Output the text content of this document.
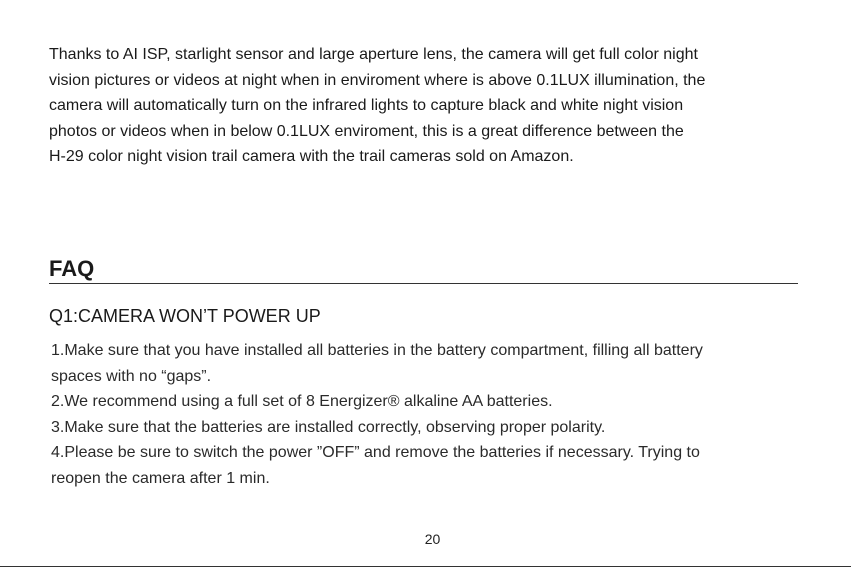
Thanks to AI ISP, starlight sensor and large aperture lens, the camera will get full color night
vision pictures or videos at night when in enviroment where is above 0.1LUX illumination, the
camera will automatically turn on the infrared lights to capture black and white night vision
photos or videos when in below 0.1LUX enviroment, this is a great difference between the
H-29 color night vision trail camera with the trail cameras sold on Amazon.

FAQ
Q1:CAMERA WON’T POWER UP
1.Make sure that you have installed all batteries in the battery compartment, filling all battery
spaces with no “gaps”.
2.We recommend using a full set of 8 Energizer® alkaline AA batteries.
3.Make sure that the batteries are installed correctly, observing proper polarity.
4.Please be sure to switch the power ”OFF” and remove the batteries if necessary. Trying to
reopen the camera after 1 min.
20
